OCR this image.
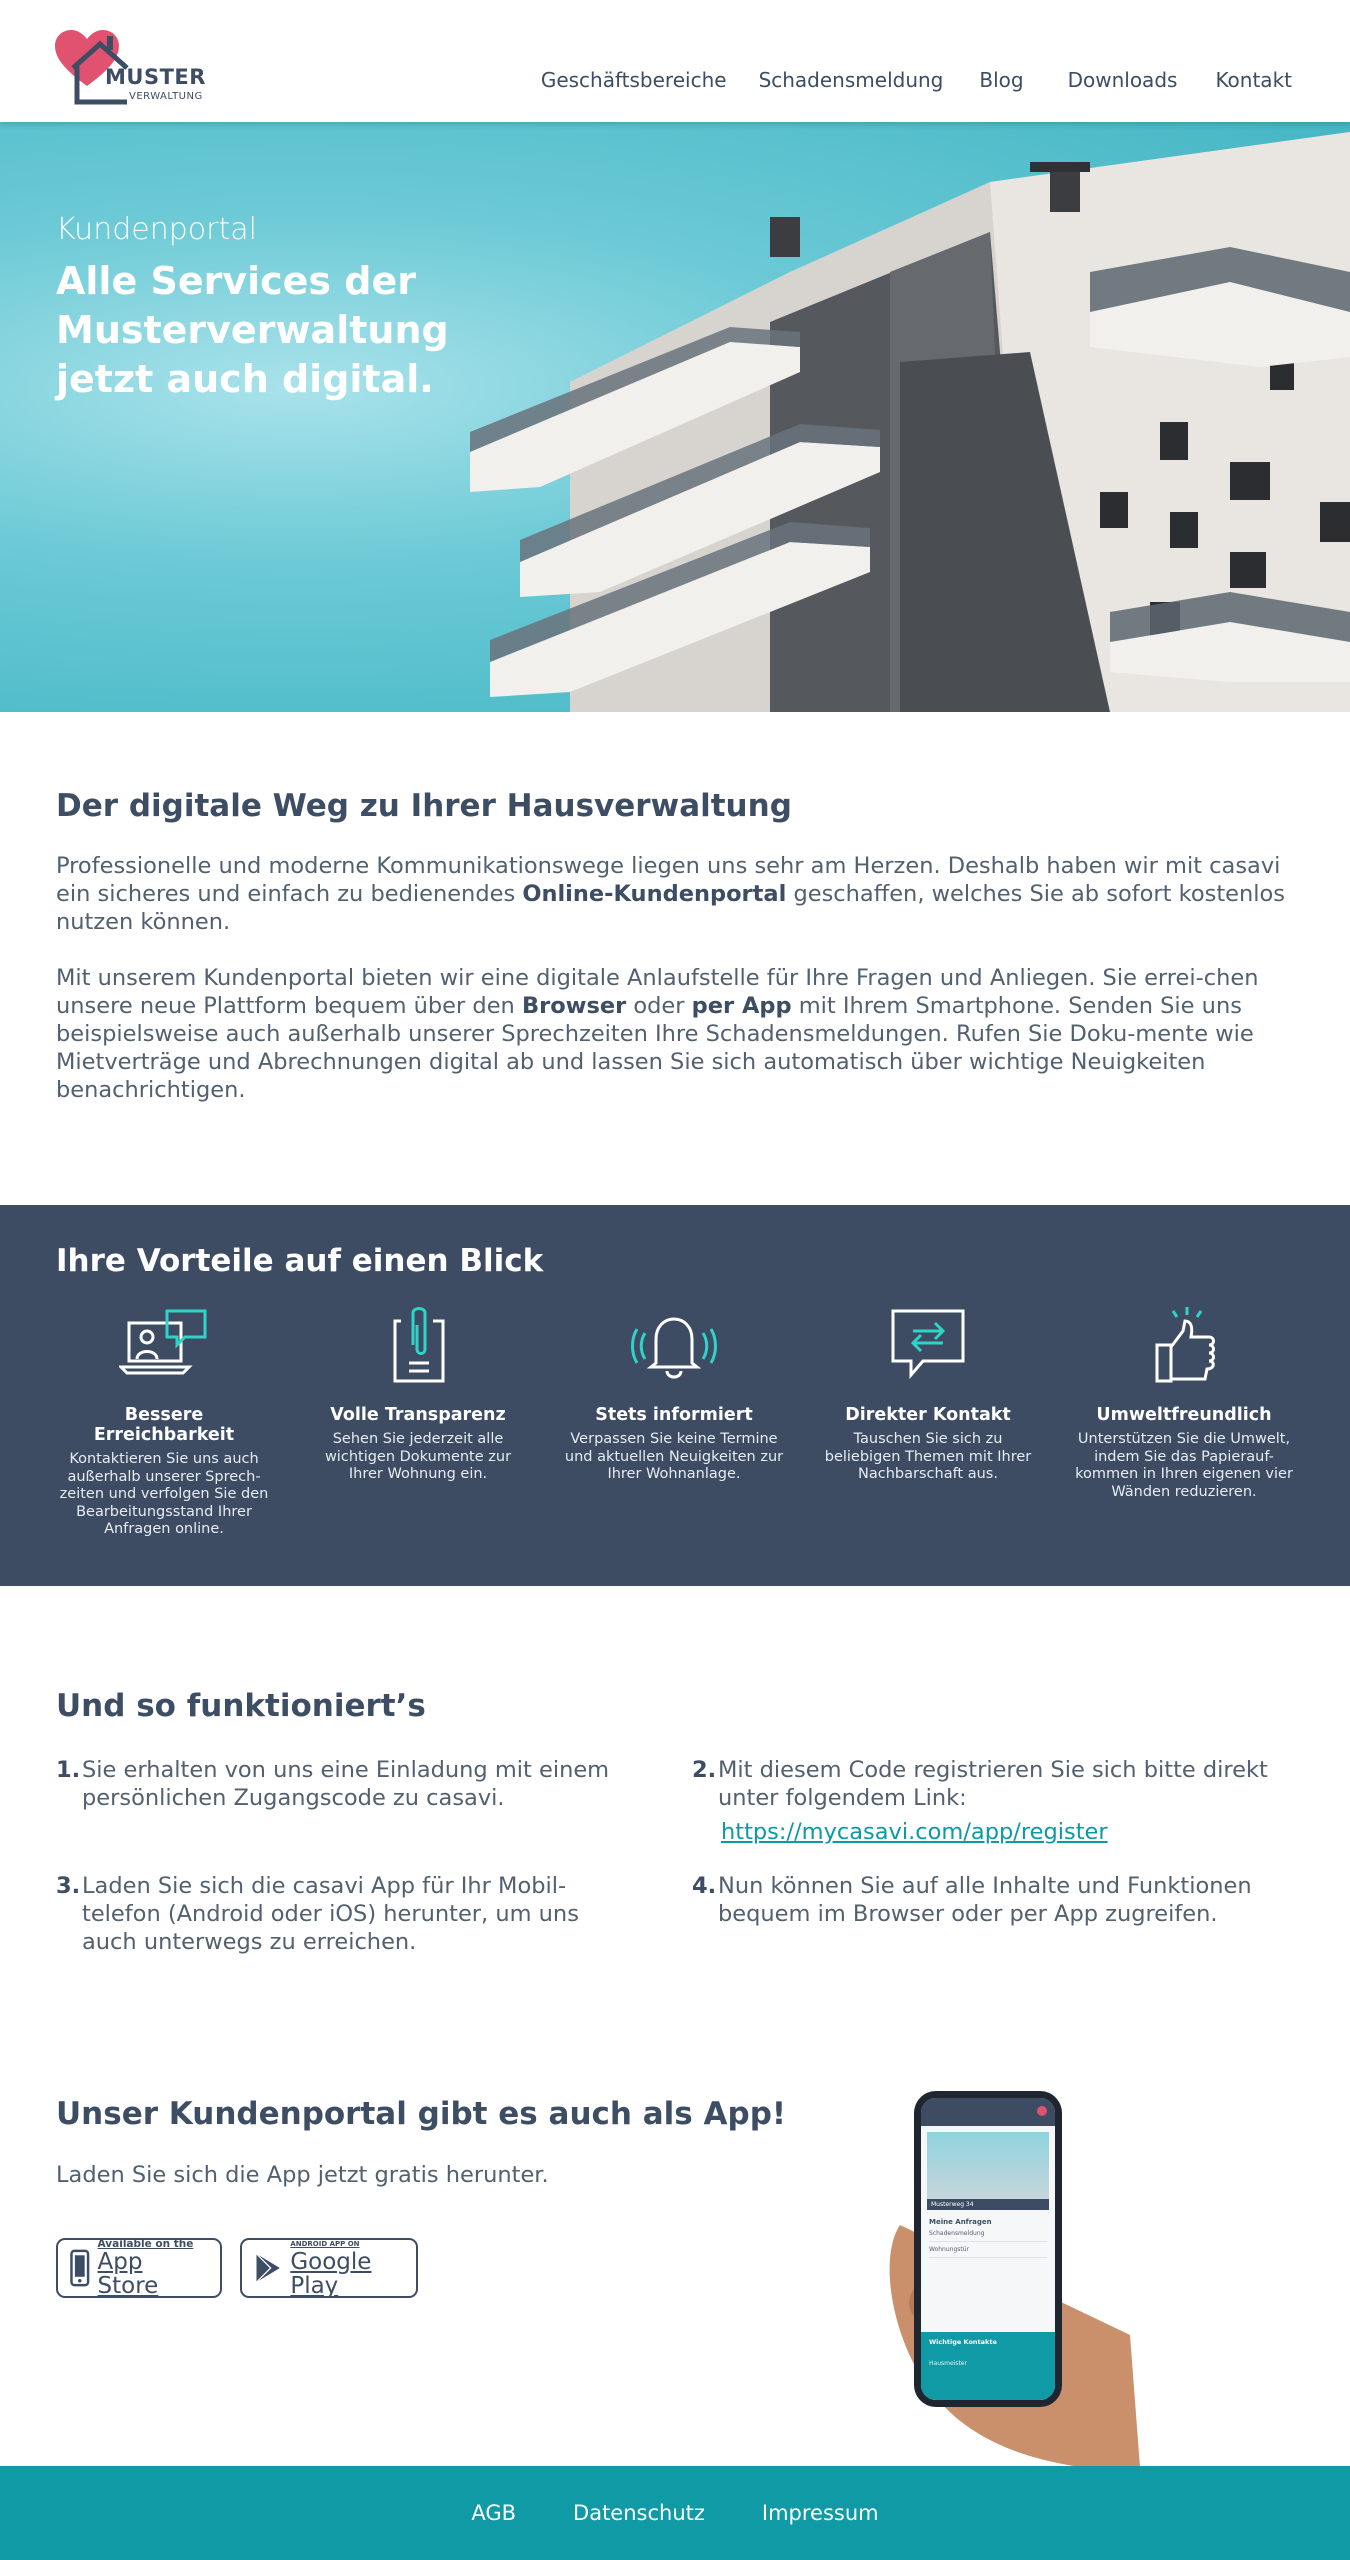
MUSTER
VERWALTUNG
Geschäftsbereiche Schadensmeldung Blog Downloads Kontakt
Kundenportal
Alle Services der Musterverwaltung jetzt auch digital.
Der digitale Weg zu Ihrer Hausverwaltung

Professionelle und moderne Kommunikationswege liegen uns sehr am Herzen. Deshalb haben wir mit casavi ein sicheres und einfach zu bedienendes Online-Kundenportal geschaffen, welches Sie ab sofort kostenlos nutzen können.

Mit unserem Kundenportal bieten wir eine digitale Anlaufstelle für Ihre Fragen und Anliegen. Sie errei-chen unsere neue Plattform bequem über den Browser oder per App mit Ihrem Smartphone. Senden Sie uns beispielsweise auch außerhalb unserer Sprechzeiten Ihre Schadensmeldungen. Rufen Sie Doku-mente wie Mietverträge und Abrechnungen digital ab und lassen Sie sich automatisch über wichtige Neuigkeiten benachrichtigen.

Ihre Vorteile auf einen Blick
Bessere Erreichbarkeit
Kontaktieren Sie uns auch außerhalb unserer Sprech-zeiten und verfolgen Sie den Bearbeitungsstand Ihrer Anfragen online.
Volle Transparenz
Sehen Sie jederzeit alle wichtigen Dokumente zur Ihrer Wohnung ein.
Stets informiert
Verpassen Sie keine Termine und aktuellen Neuigkeiten zur Ihrer Wohnanlage.
Direkter Kontakt
Tauschen Sie sich zu beliebigen Themen mit Ihrer Nachbarschaft aus.
Umweltfreundlich
Unterstützen Sie die Umwelt, indem Sie das Papierauf-kommen in Ihren eigenen vier Wänden reduzieren.
Und so funktioniert’s
1. Sie erhalten von uns eine Einladung mit einem persönlichen Zugangscode zu casavi.
2. Mit diesem Code registrieren Sie sich bitte direkt unter folgendem Link:
https://mycasavi.com/app/register
3. Laden Sie sich die casavi App für Ihr Mobil-telefon (Android oder iOS) herunter, um uns auch unterwegs zu erreichen.
4. Nun können Sie auf alle Inhalte und Funktionen bequem im Browser oder per App zugreifen.
Unser Kundenportal gibt es auch als App!
Laden Sie sich die App jetzt gratis herunter.
Available on the
App Store
ANDROID APP ON
Google Play
Musterweg 34
Meine Anfragen
Schadensmeldung
Wohnungstür
Wichtige Kontakte
Hausmeister
AGB	Datenschutz	Impressum
